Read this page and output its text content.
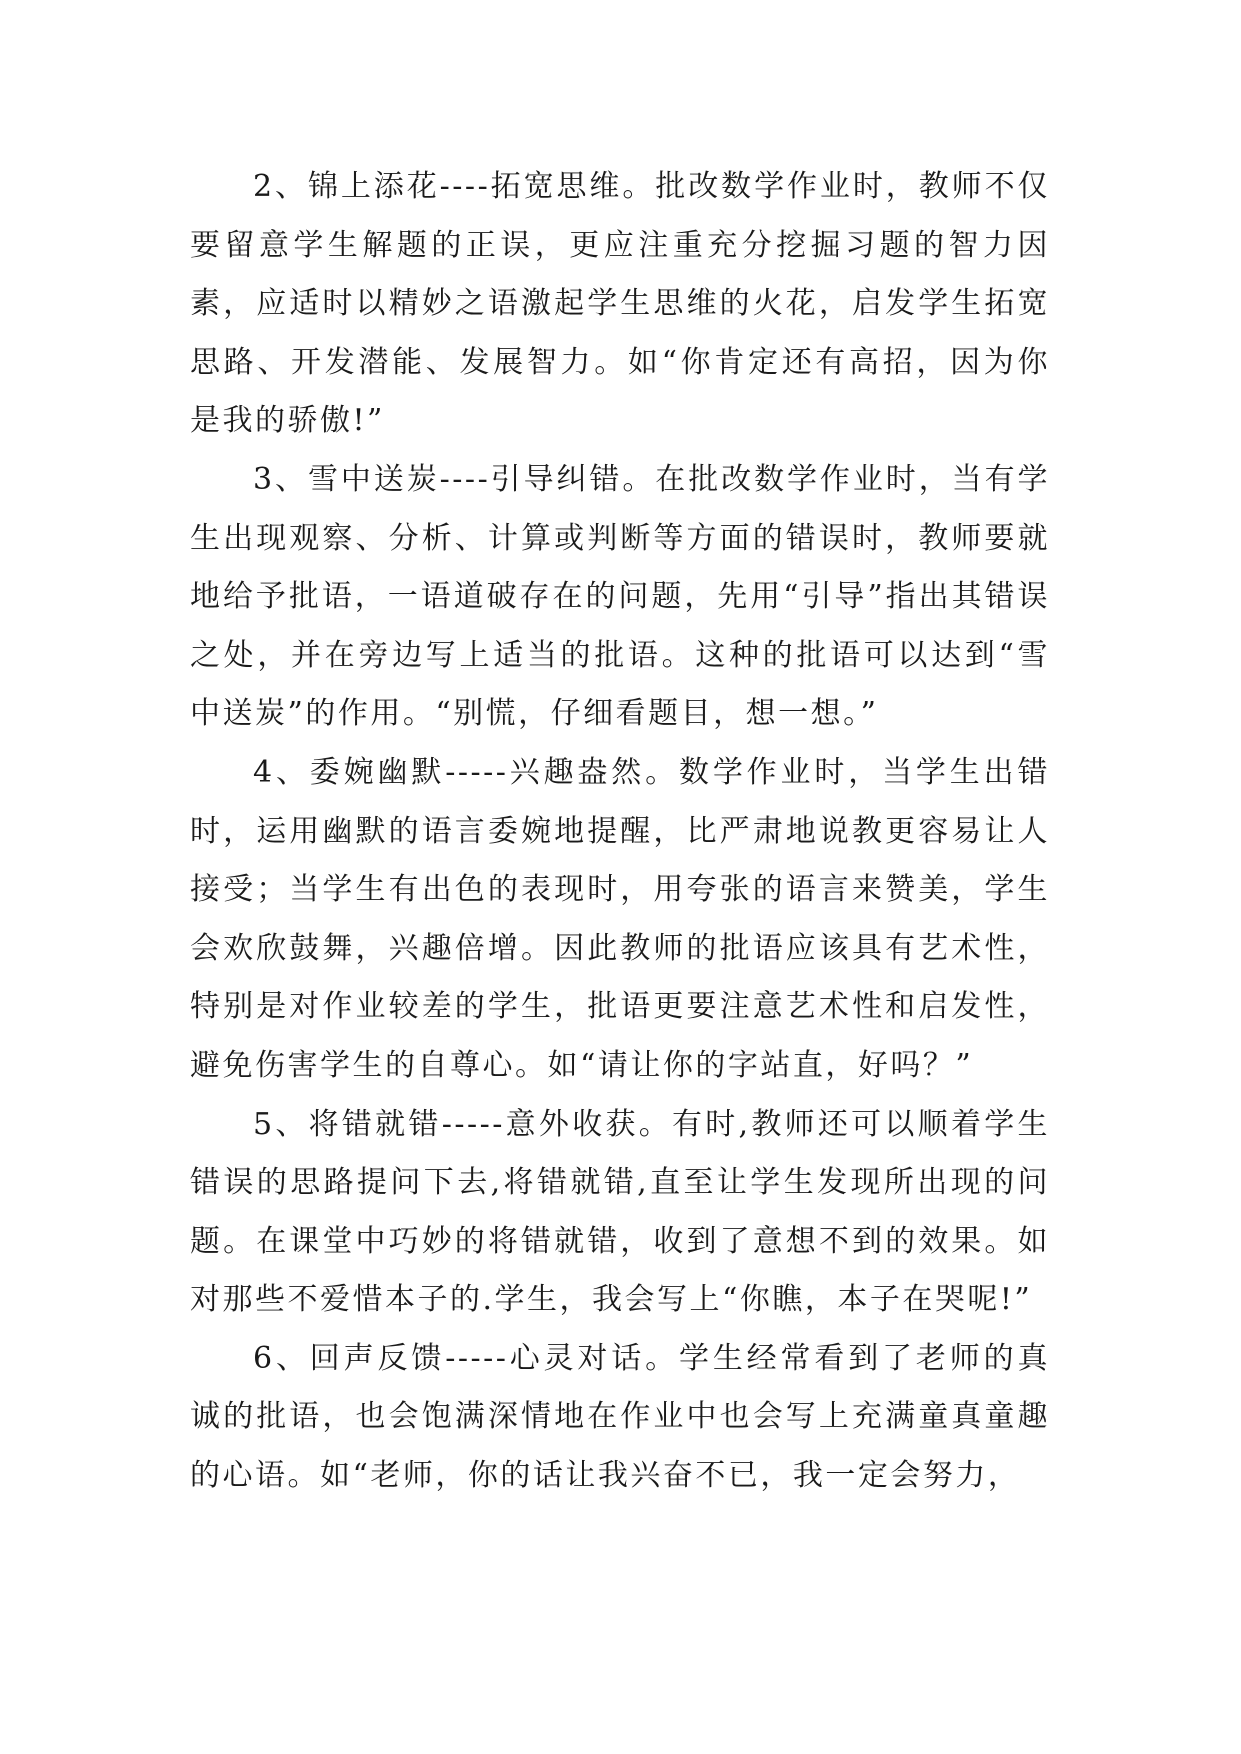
2、锦上添花----拓宽思维。批改数学作业时，教师不仅要留意学生解题的正误，更应注重充分挖掘习题的智力因素，应适时以精妙之语激起学生思维的火花，启发学生拓宽思路、开发潜能、发展智力。如“你肯定还有高招，因为你是我的骄傲!”

3、雪中送炭----引导纠错。在批改数学作业时，当有学生出现观察、分析、计算或判断等方面的错误时，教师要就地给予批语，一语道破存在的问题，先用“引导”指出其错误之处，并在旁边写上适当的批语。这种的批语可以达到“雪中送炭”的作用。“别慌，仔细看题目，想一想。”

4、委婉幽默-----兴趣盎然。数学作业时，当学生出错时，运用幽默的语言委婉地提醒，比严肃地说教更容易让人接受；当学生有出色的表现时，用夸张的语言来赞美，学生会欢欣鼓舞，兴趣倍增。因此教师的批语应该具有艺术性，特别是对作业较差的学生，批语更要注意艺术性和启发性，避免伤害学生的自尊心。如“请让你的字站直，好吗？”

5、将错就错-----意外收获。有时,教师还可以顺着学生错误的思路提问下去,将错就错,直至让学生发现所出现的问题。在课堂中巧妙的将错就错，收到了意想不到的效果。如对那些不爱惜本子的.学生，我会写上“你瞧，本子在哭呢!”

6、回声反馈-----心灵对话。学生经常看到了老师的真诚的批语，也会饱满深情地在作业中也会写上充满童真童趣的心语。如“老师，你的话让我兴奋不已，我一定会努力，
